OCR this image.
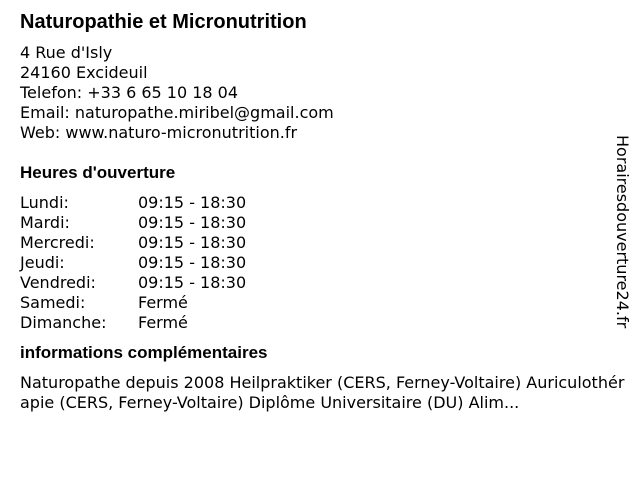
Naturopathie et Micronutrition
4 Rue d'Isly
24160 Excideuil
Telefon: +33 6 65 10 18 04
Email: naturopathe.miribel@gmail.com
Web: www.naturo-micronutrition.fr
Heures d'ouverture
Lundi:	09:15 - 18:30
Mardi:	09:15 - 18:30
Mercredi:	09:15 - 18:30
Jeudi:	09:15 - 18:30
Vendredi:	09:15 - 18:30
Samedi:	Fermé
Dimanche: Fermé
informations complémentaires
Naturopathe depuis 2008 Heilpraktiker (CERS, Ferney-Voltaire) Auriculothérapie (CERS, Ferney-Voltaire) Diplôme Universitaire (DU) Alim...
Horairesdouverture24.fr
